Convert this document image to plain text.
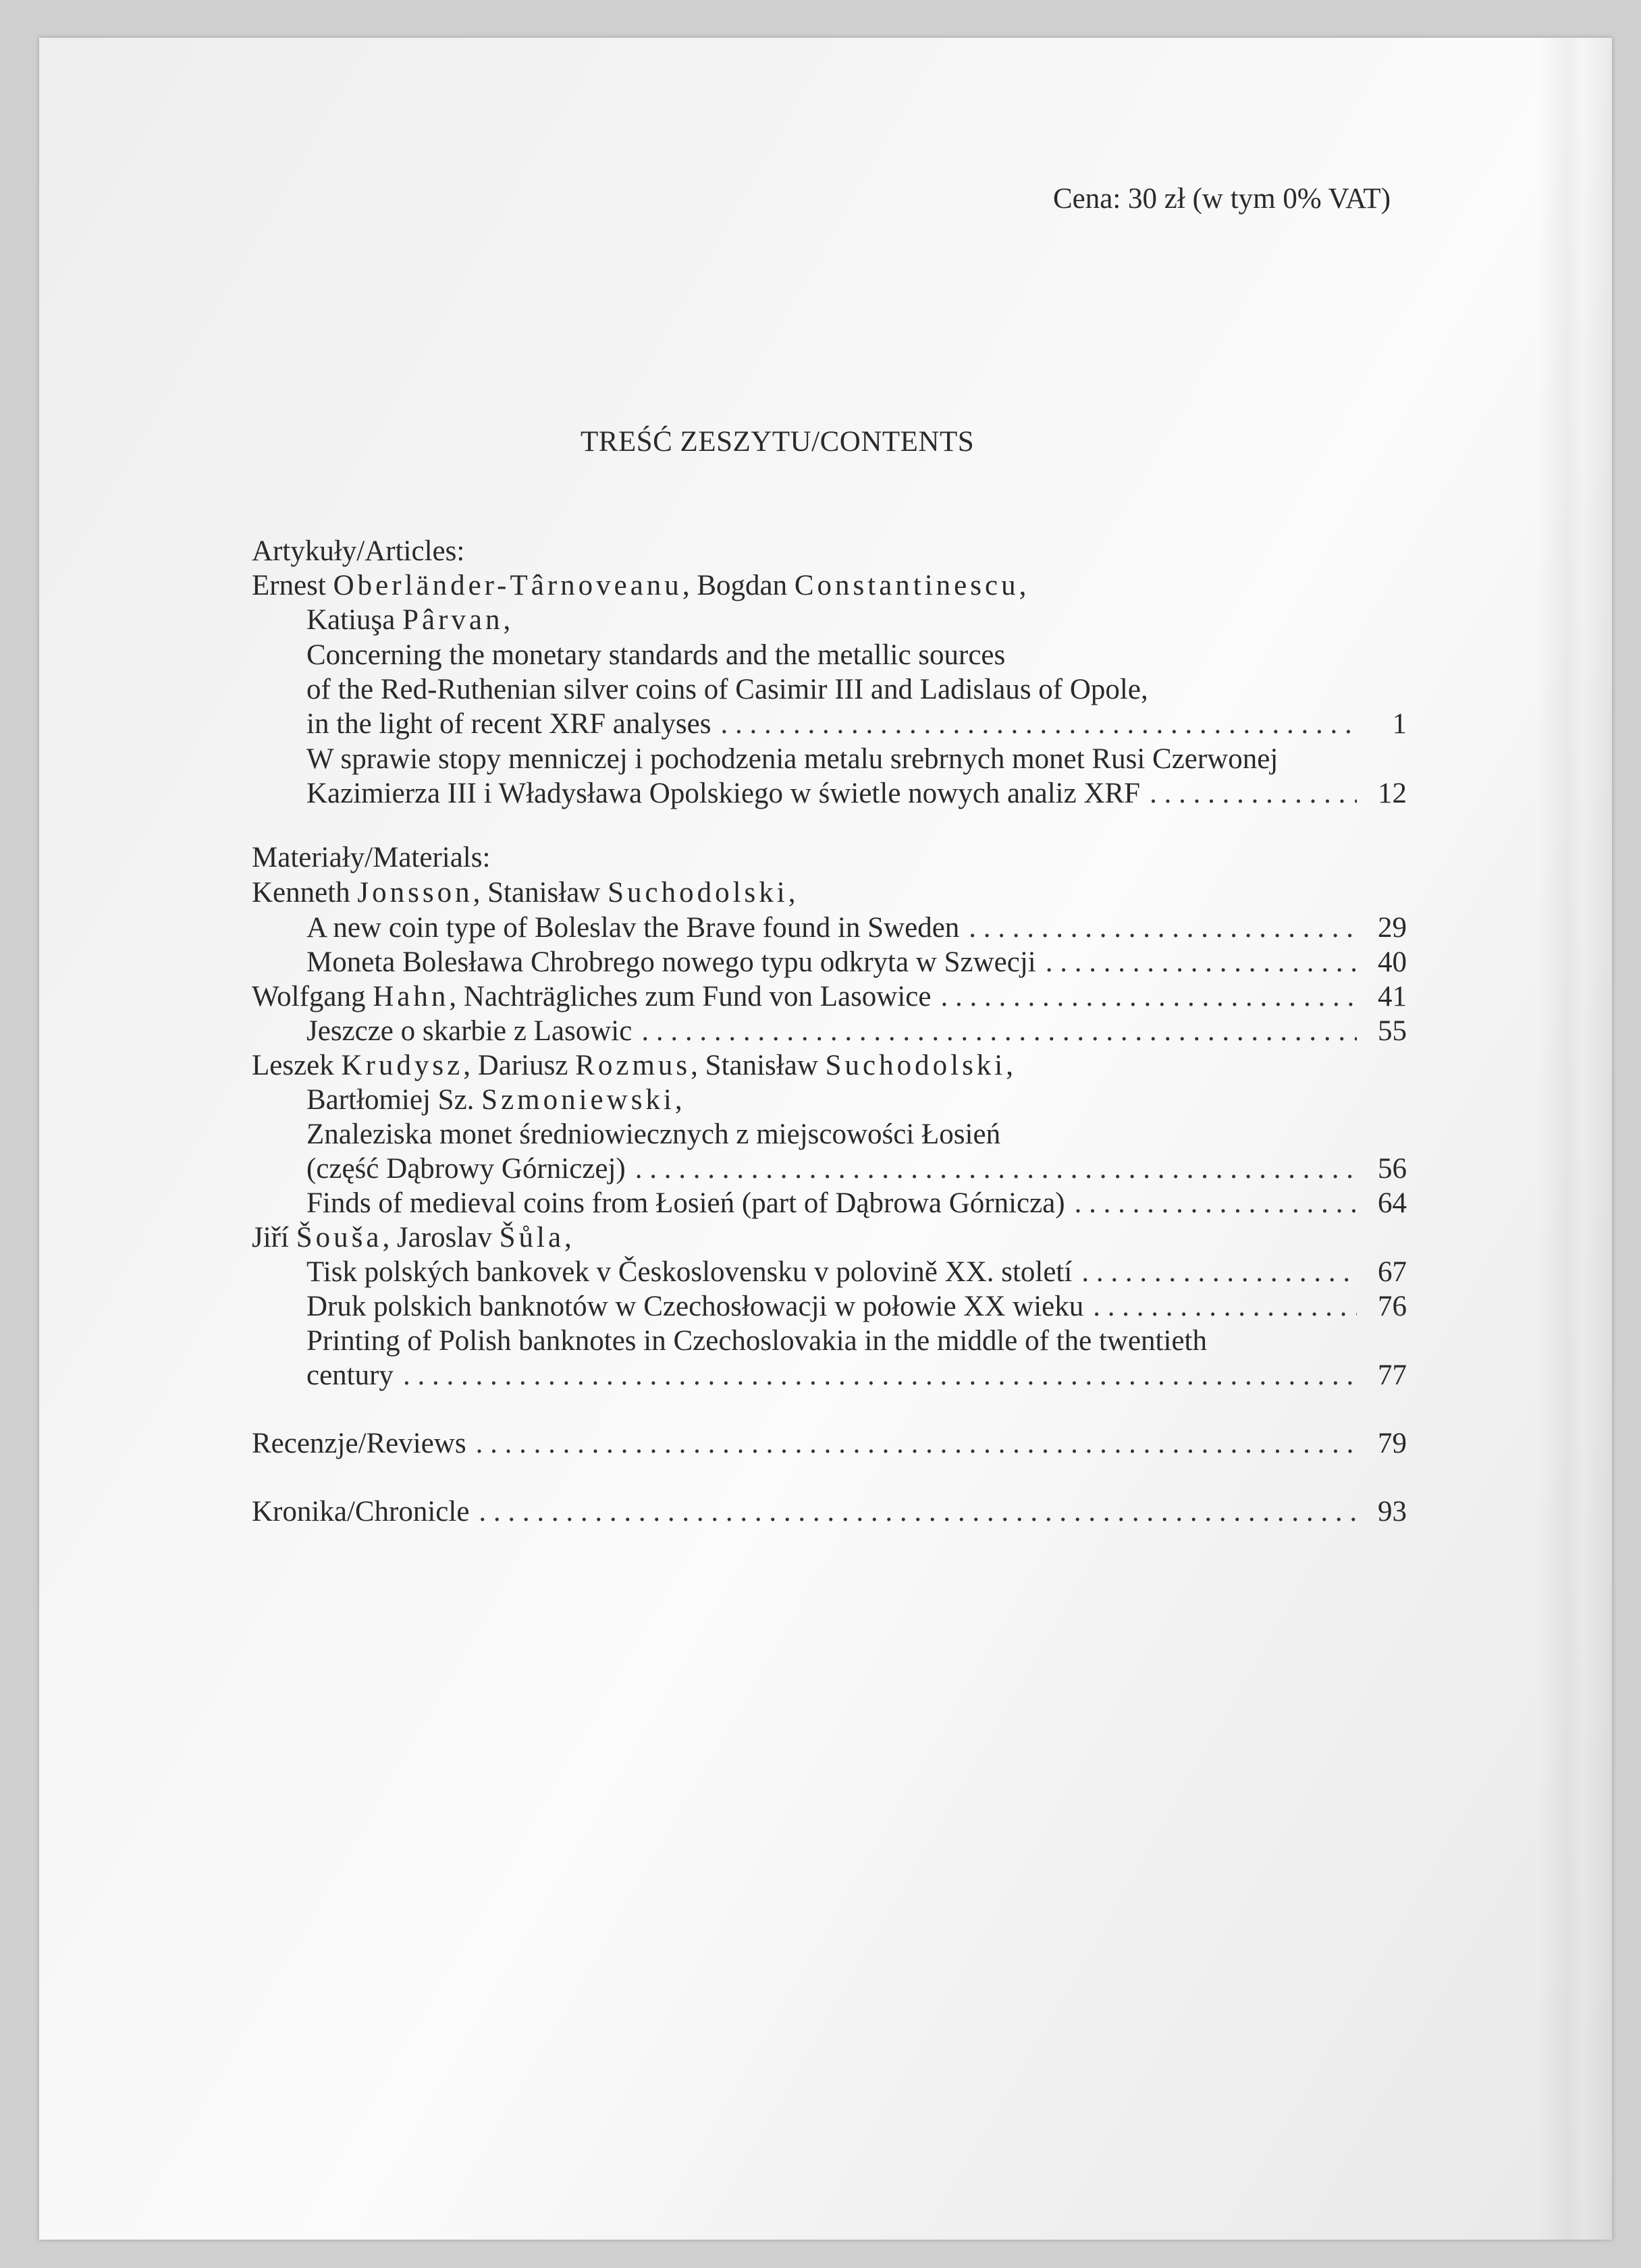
Cena: 30 zł (w tym 0% VAT)
TREŚĆ ZESZYTU/CONTENTS
Artykuły/Articles:
Ernest Oberländer-Târnoveanu, Bogdan Constantinescu,
Katiuşa Pârvan,
Concerning the monetary standards and the metallic sources
of the Red-Ruthenian silver coins of Casimir III and Ladislaus of Opole,
in the light of recent XRF analyses . . .	1
W sprawie stopy menniczej i pochodzenia metalu srebrnych monet Rusi Czerwonej
Kazimierza III i Władysława Opolskiego w świetle nowych analiz XRF . . .	12
Materiały/Materials:
Kenneth Jonsson, Stanisław Suchodolski,
A new coin type of Boleslav the Brave found in Sweden . . .	29
Moneta Bolesława Chrobrego nowego typu odkryta w Szwecji . . .	40
Wolfgang Hahn, Nachträgliches zum Fund von Lasowice . . .	41
Jeszcze o skarbie z Lasowic . . .	55
Leszek Krudysz, Dariusz Rozmus, Stanisław Suchodolski,
Bartłomiej Sz. Szmoniewski,
Znaleziska monet średniowiecznych z miejscowości Łosień
(część Dąbrowy Górniczej) . . .	56
Finds of medieval coins from Łosień (part of Dąbrowa Górnicza) . . .	64
Jiří Šouša, Jaroslav Šůla,
Tisk polských bankovek v Československu v polovině XX. století . . .	67
Druk polskich banknotów w Czechosłowacji w połowie XX wieku . . .	76
Printing of Polish banknotes in Czechoslovakia in the middle of the twentieth
century . . .	77
Recenzje/Reviews . . .	79
Kronika/Chronicle . . .	93
